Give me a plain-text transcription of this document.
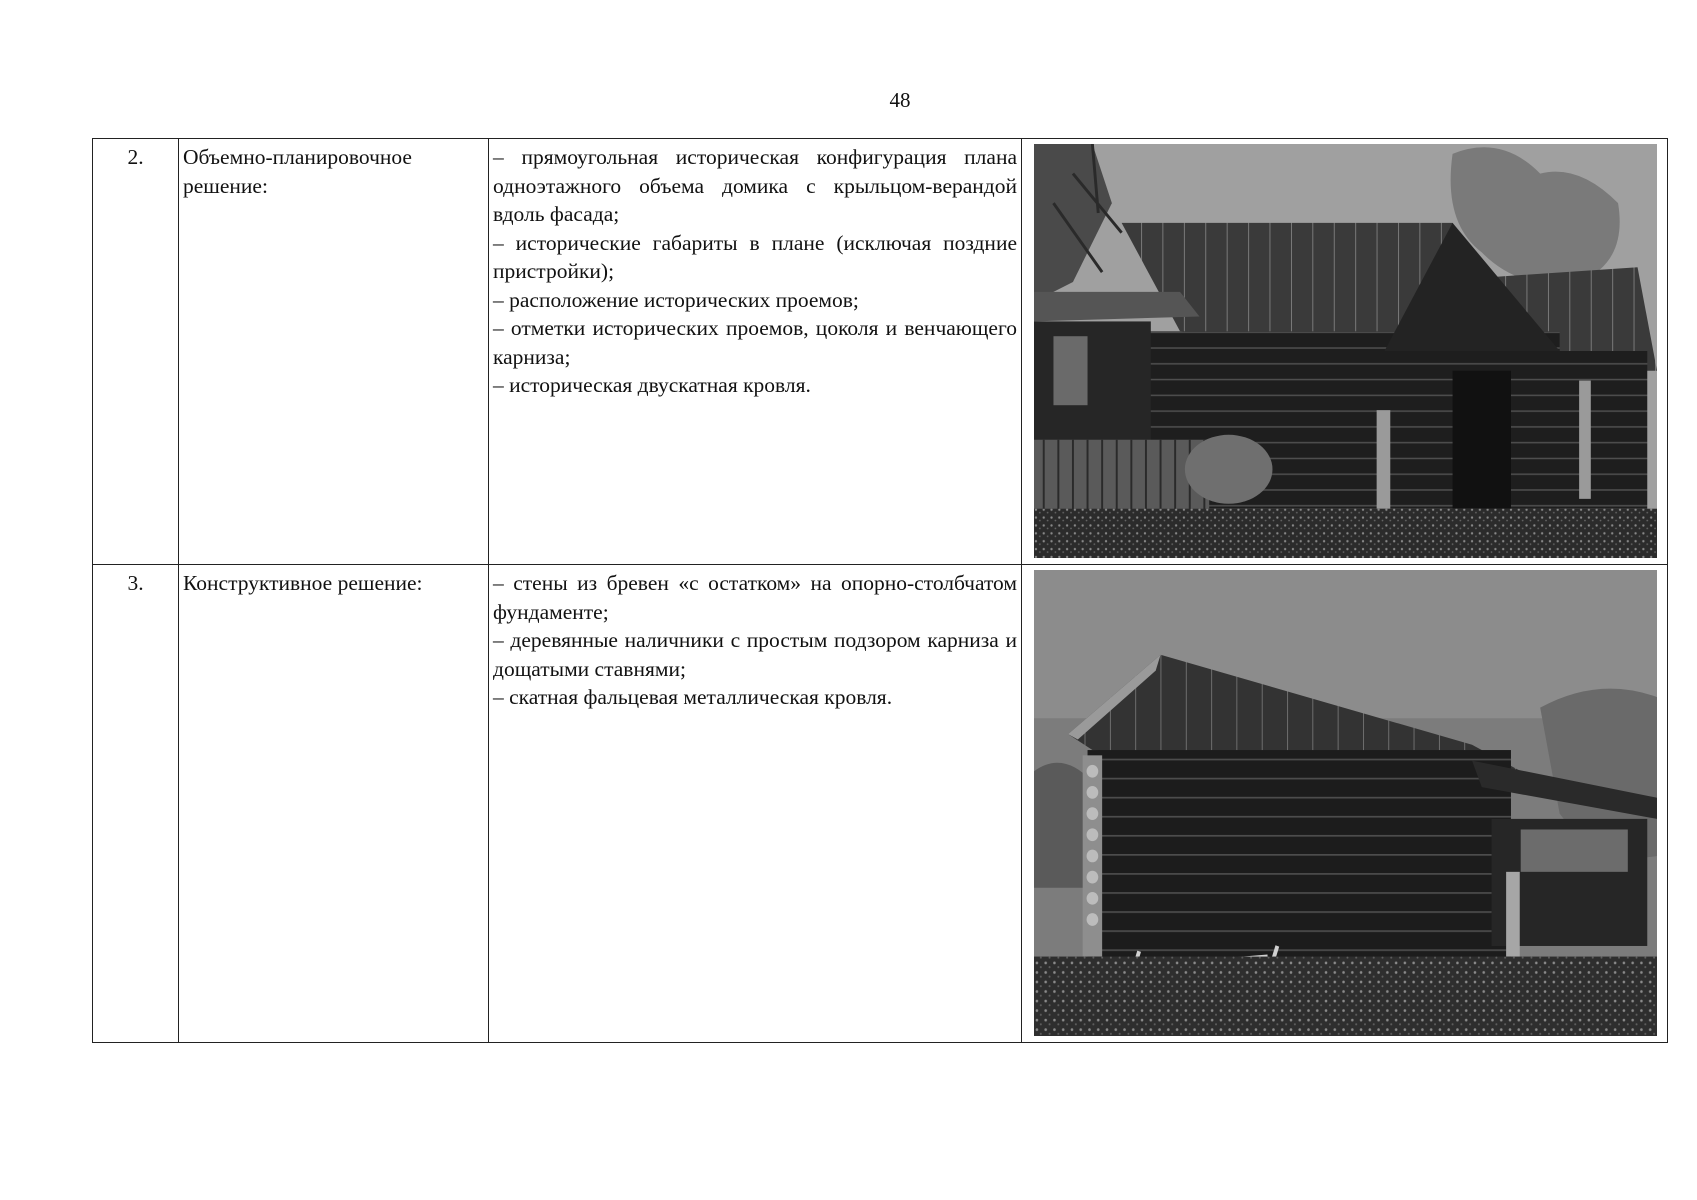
48
2.	Объемно-планировочное решение:	– прямоугольная историческая конфигурация плана одноэтажного объема домика с крыльцом-верандой вдоль фасада;
– исторические габариты в плане (исключая поздние пристройки);
– расположение исторических проемов;
– отметки исторических проемов, цоколя и венчающего карниза;
– историческая двускатная кровля.

3.	Конструктивное решение:	– стены из бревен «с остатком» на опорно-столбчатом фундаменте;
– деревянные наличники с простым подзором карниза и дощатыми ставнями;
– скатная фальцевая металлическая кровля.
